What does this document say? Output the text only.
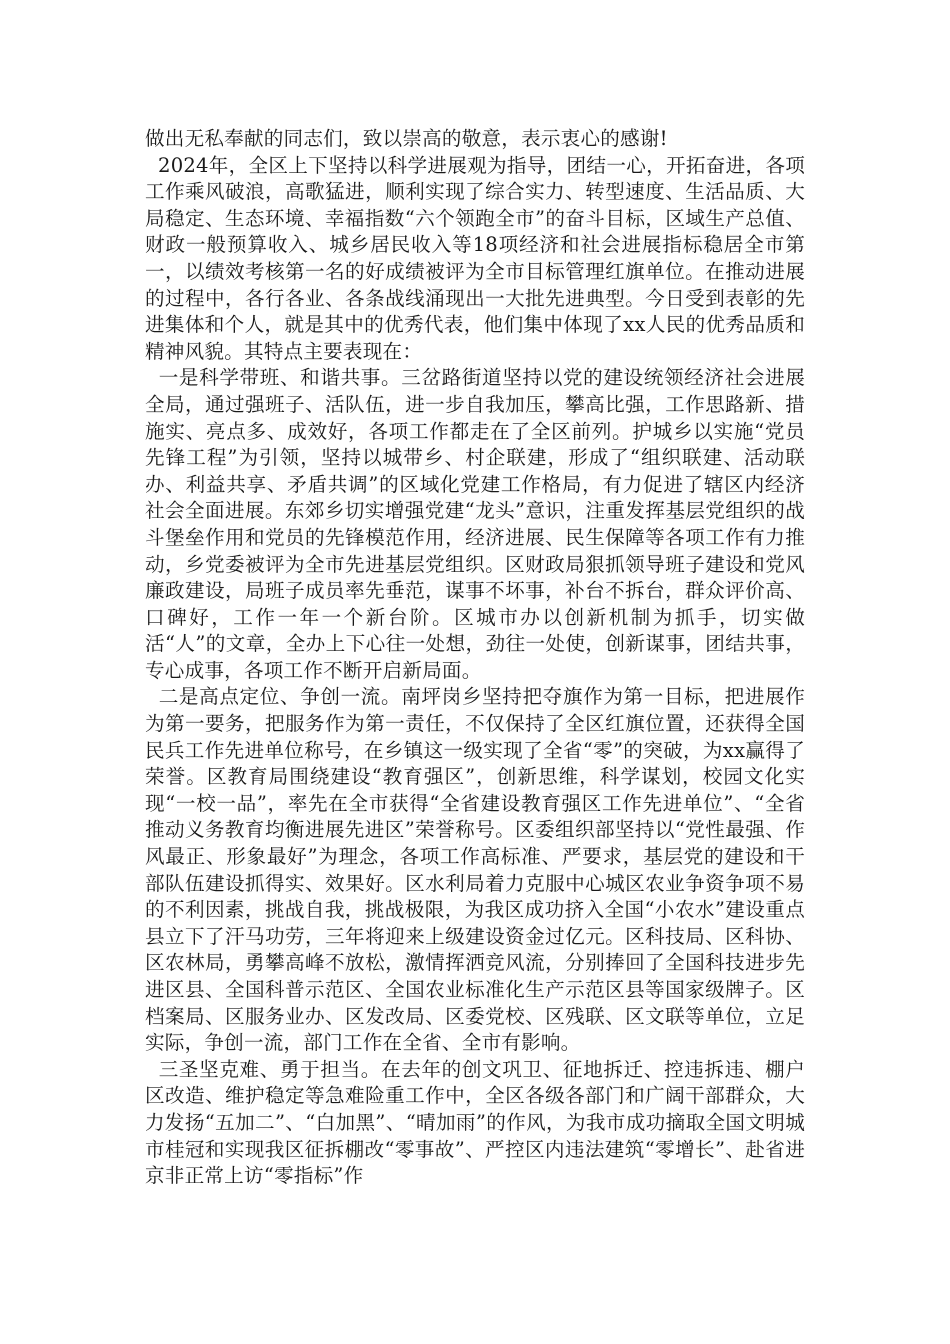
做出无私奉献的同志们，致以崇高的敬意，表示衷心的感谢!

2024年，全区上下坚持以科学进展观为指导，团结一心，开拓奋进，各项工作乘风破浪，高歌猛进，顺利实现了综合实力、转型速度、生活品质、大局稳定、生态环境、幸福指数“六个领跑全市”的奋斗目标，区域生产总值、财政一般预算收入、城乡居民收入等18项经济和社会进展指标稳居全市第一，以绩效考核第一名的好成绩被评为全市目标管理红旗单位。在推动进展的过程中，各行各业、各条战线涌现出一大批先进典型。今日受到表彰的先进集体和个人，就是其中的优秀代表，他们集中体现了xx人民的优秀品质和精神风貌。其特点主要表现在：

一是科学带班、和谐共事。三岔路街道坚持以党的建设统领经济社会进展全局，通过强班子、活队伍，进一步自我加压，攀高比强，工作思路新、措施实、亮点多、成效好，各项工作都走在了全区前列。护城乡以实施“党员先锋工程”为引领，坚持以城带乡、村企联建，形成了“组织联建、活动联办、利益共享、矛盾共调”的区域化党建工作格局，有力促进了辖区内经济社会全面进展。东郊乡切实增强党建“龙头”意识，注重发挥基层党组织的战斗堡垒作用和党员的先锋模范作用，经济进展、民生保障等各项工作有力推动，乡党委被评为全市先进基层党组织。区财政局狠抓领导班子建设和党风廉政建设，局班子成员率先垂范，谋事不坏事，补台不拆台，群众评价高、口碑好，工作一年一个新台阶。区城市办以创新机制为抓手，切实做活“人”的文章，全办上下心往一处想，劲往一处使，创新谋事，团结共事，专心成事，各项工作不断开启新局面。

二是高点定位、争创一流。南坪岗乡坚持把夺旗作为第一目标，把进展作为第一要务，把服务作为第一责任，不仅保持了全区红旗位置，还获得全国民兵工作先进单位称号，在乡镇这一级实现了全省“零”的突破，为xx赢得了荣誉。区教育局围绕建设“教育强区”，创新思维，科学谋划，校园文化实现“一校一品”，率先在全市获得“全省建设教育强区工作先进单位”、“全省推动义务教育均衡进展先进区”荣誉称号。区委组织部坚持以“党性最强、作风最正、形象最好”为理念，各项工作高标准、严要求，基层党的建设和干部队伍建设抓得实、效果好。区水利局着力克服中心城区农业争资争项不易的不利因素，挑战自我，挑战极限，为我区成功挤入全国“小农水”建设重点县立下了汗马功劳，三年将迎来上级建设资金过亿元。区科技局、区科协、区农林局，勇攀高峰不放松，激情挥洒竞风流，分别捧回了全国科技进步先进区县、全国科普示范区、全国农业标准化生产示范区县等国家级牌子。区档案局、区服务业办、区发改局、区委党校、区残联、区文联等单位，立足实际，争创一流，部门工作在全省、全市有影响。

三圣坚克难、勇于担当。在去年的创文巩卫、征地拆迁、控违拆违、棚户区改造、维护稳定等急难险重工作中，全区各级各部门和广阔干部群众，大力发扬“五加二”、“白加黑”、“晴加雨”的作风，为我市成功摘取全国文明城市桂冠和实现我区征拆棚改“零事故”、严控区内违法建筑“零增长”、赴省进京非正常上访“零指标”作
